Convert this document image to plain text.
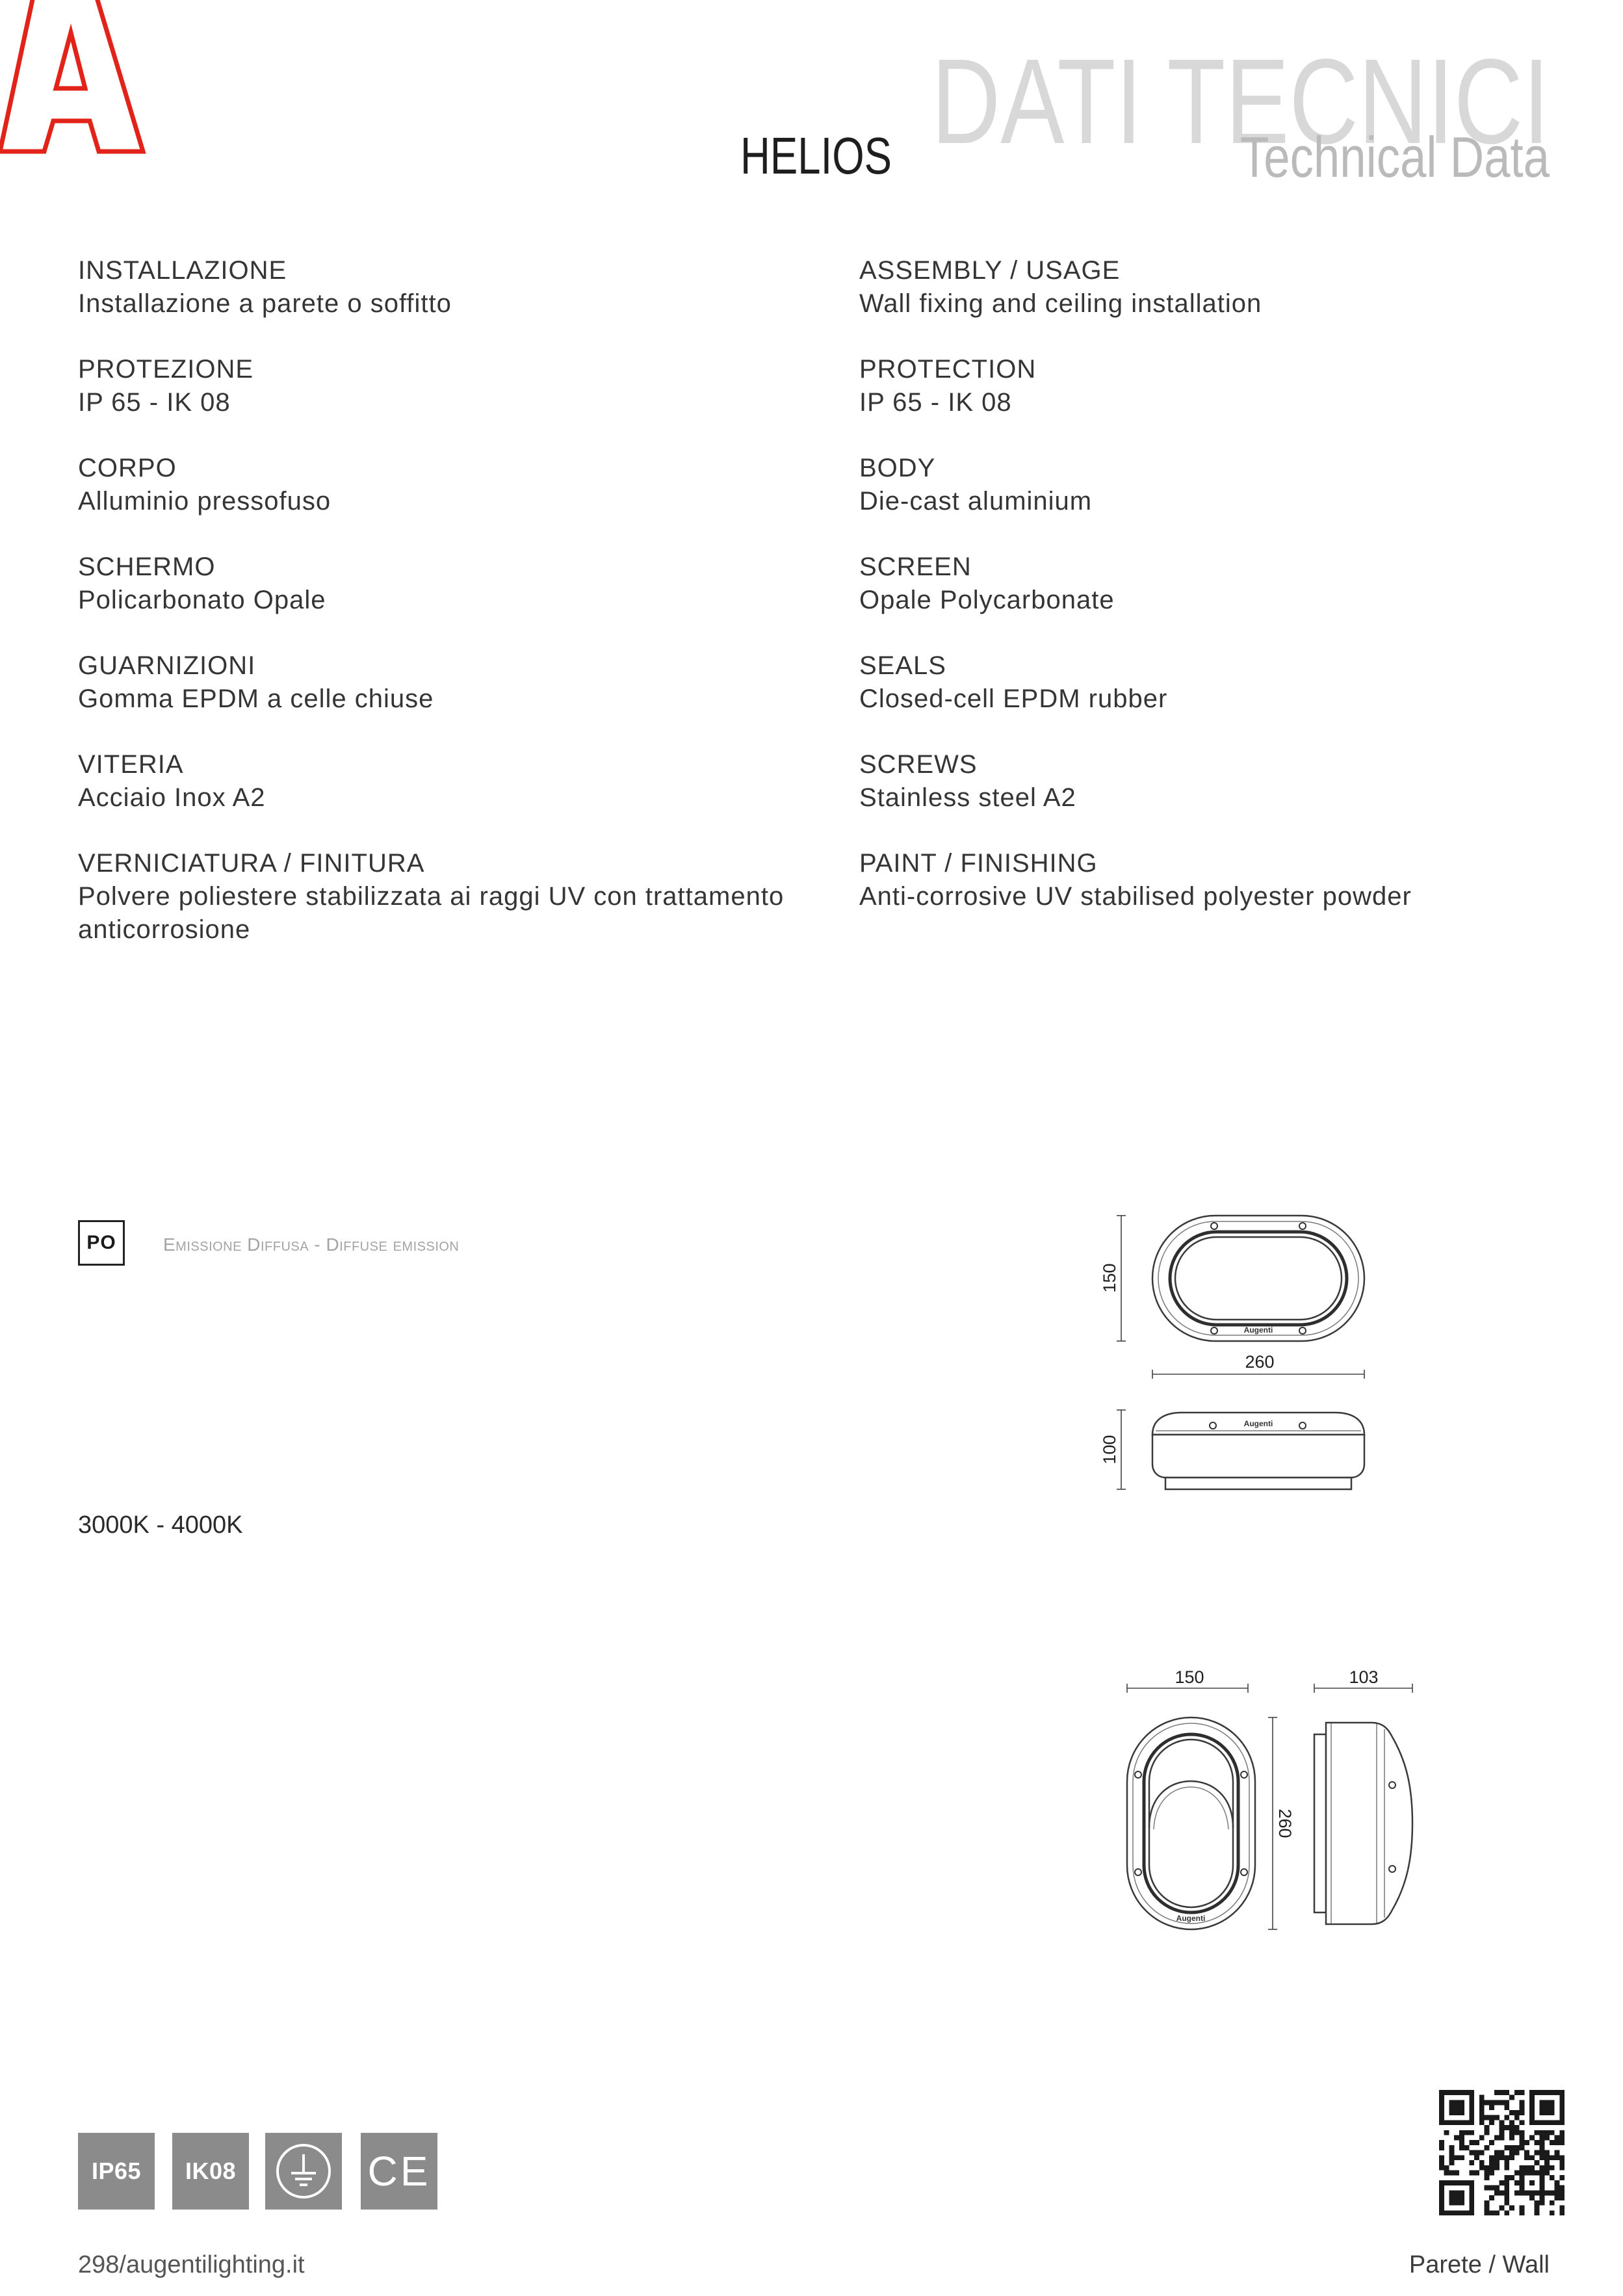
DATI TECNICI
Technical Data
HELIOS
INSTALLAZIONE
Installazione a parete o soffitto
PROTEZIONE
IP 65 - IK 08
CORPO
Alluminio pressofuso
SCHERMO
Policarbonato Opale
GUARNIZIONI
Gomma EPDM a celle chiuse
VITERIA
Acciaio Inox A2
VERNICIATURA / FINITURA
Polvere poliestere stabilizzata ai raggi UV con trattamento anticorrosione
ASSEMBLY / USAGE
Wall fixing and ceiling installation
PROTECTION
IP 65 - IK 08
BODY
Die-cast aluminium
SCREEN
Opale Polycarbonate
SEALS
Closed-cell EPDM rubber
SCREWS
Stainless steel A2
PAINT / FINISHING
Anti-corrosive UV stabilised polyester powder
PO	Emissione Diffusa - Diffuse emission
3000K - 4000K
Augenti
150
260
Augenti
100
Augenti
150
260
103
IP65 IK08	CE
298/augentilighting.it	Parete / Wall
